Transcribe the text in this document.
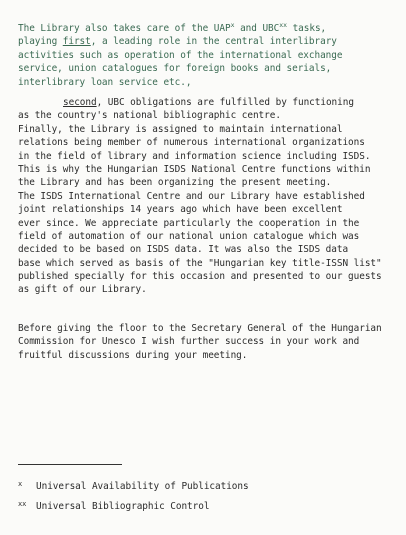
The Library also takes care of the UAP$^x$ and UBC$^{xx}$ tasks,
playing first, a leading role in the central interlibrary
activities such as operation of the international exchange
service, union catalogues for foreign books and serials,
interlibrary loan service etc.,
second, UBC obligations are fulfilled by functioning
as the country's national bibliographic centre.
Finally, the Library is assigned to maintain international
relations being member of numerous international organizations
in the field of library and information science including ISDS.
This is why the Hungarian ISDS National Centre functions within
the Library and has been organizing the present meeting.
The ISDS International Centre and our Library have established
joint relationships 14 years ago which have been excellent
ever since. We appreciate particularly the cooperation in the
field of automation of our national union catalogue which was
decided to be based on ISDS data. It was also the ISDS data
base which served as basis of the "Hungarian key title-ISSN list"
published specially for this occasion and presented to our guests
as gift of our Library.
Before giving the floor to the Secretary General of the Hungarian
Commission for Unesco I wish further success in your work and
fruitful discussions during your meeting.
x Universal Availability of Publications
xx Universal Bibliographic Control
